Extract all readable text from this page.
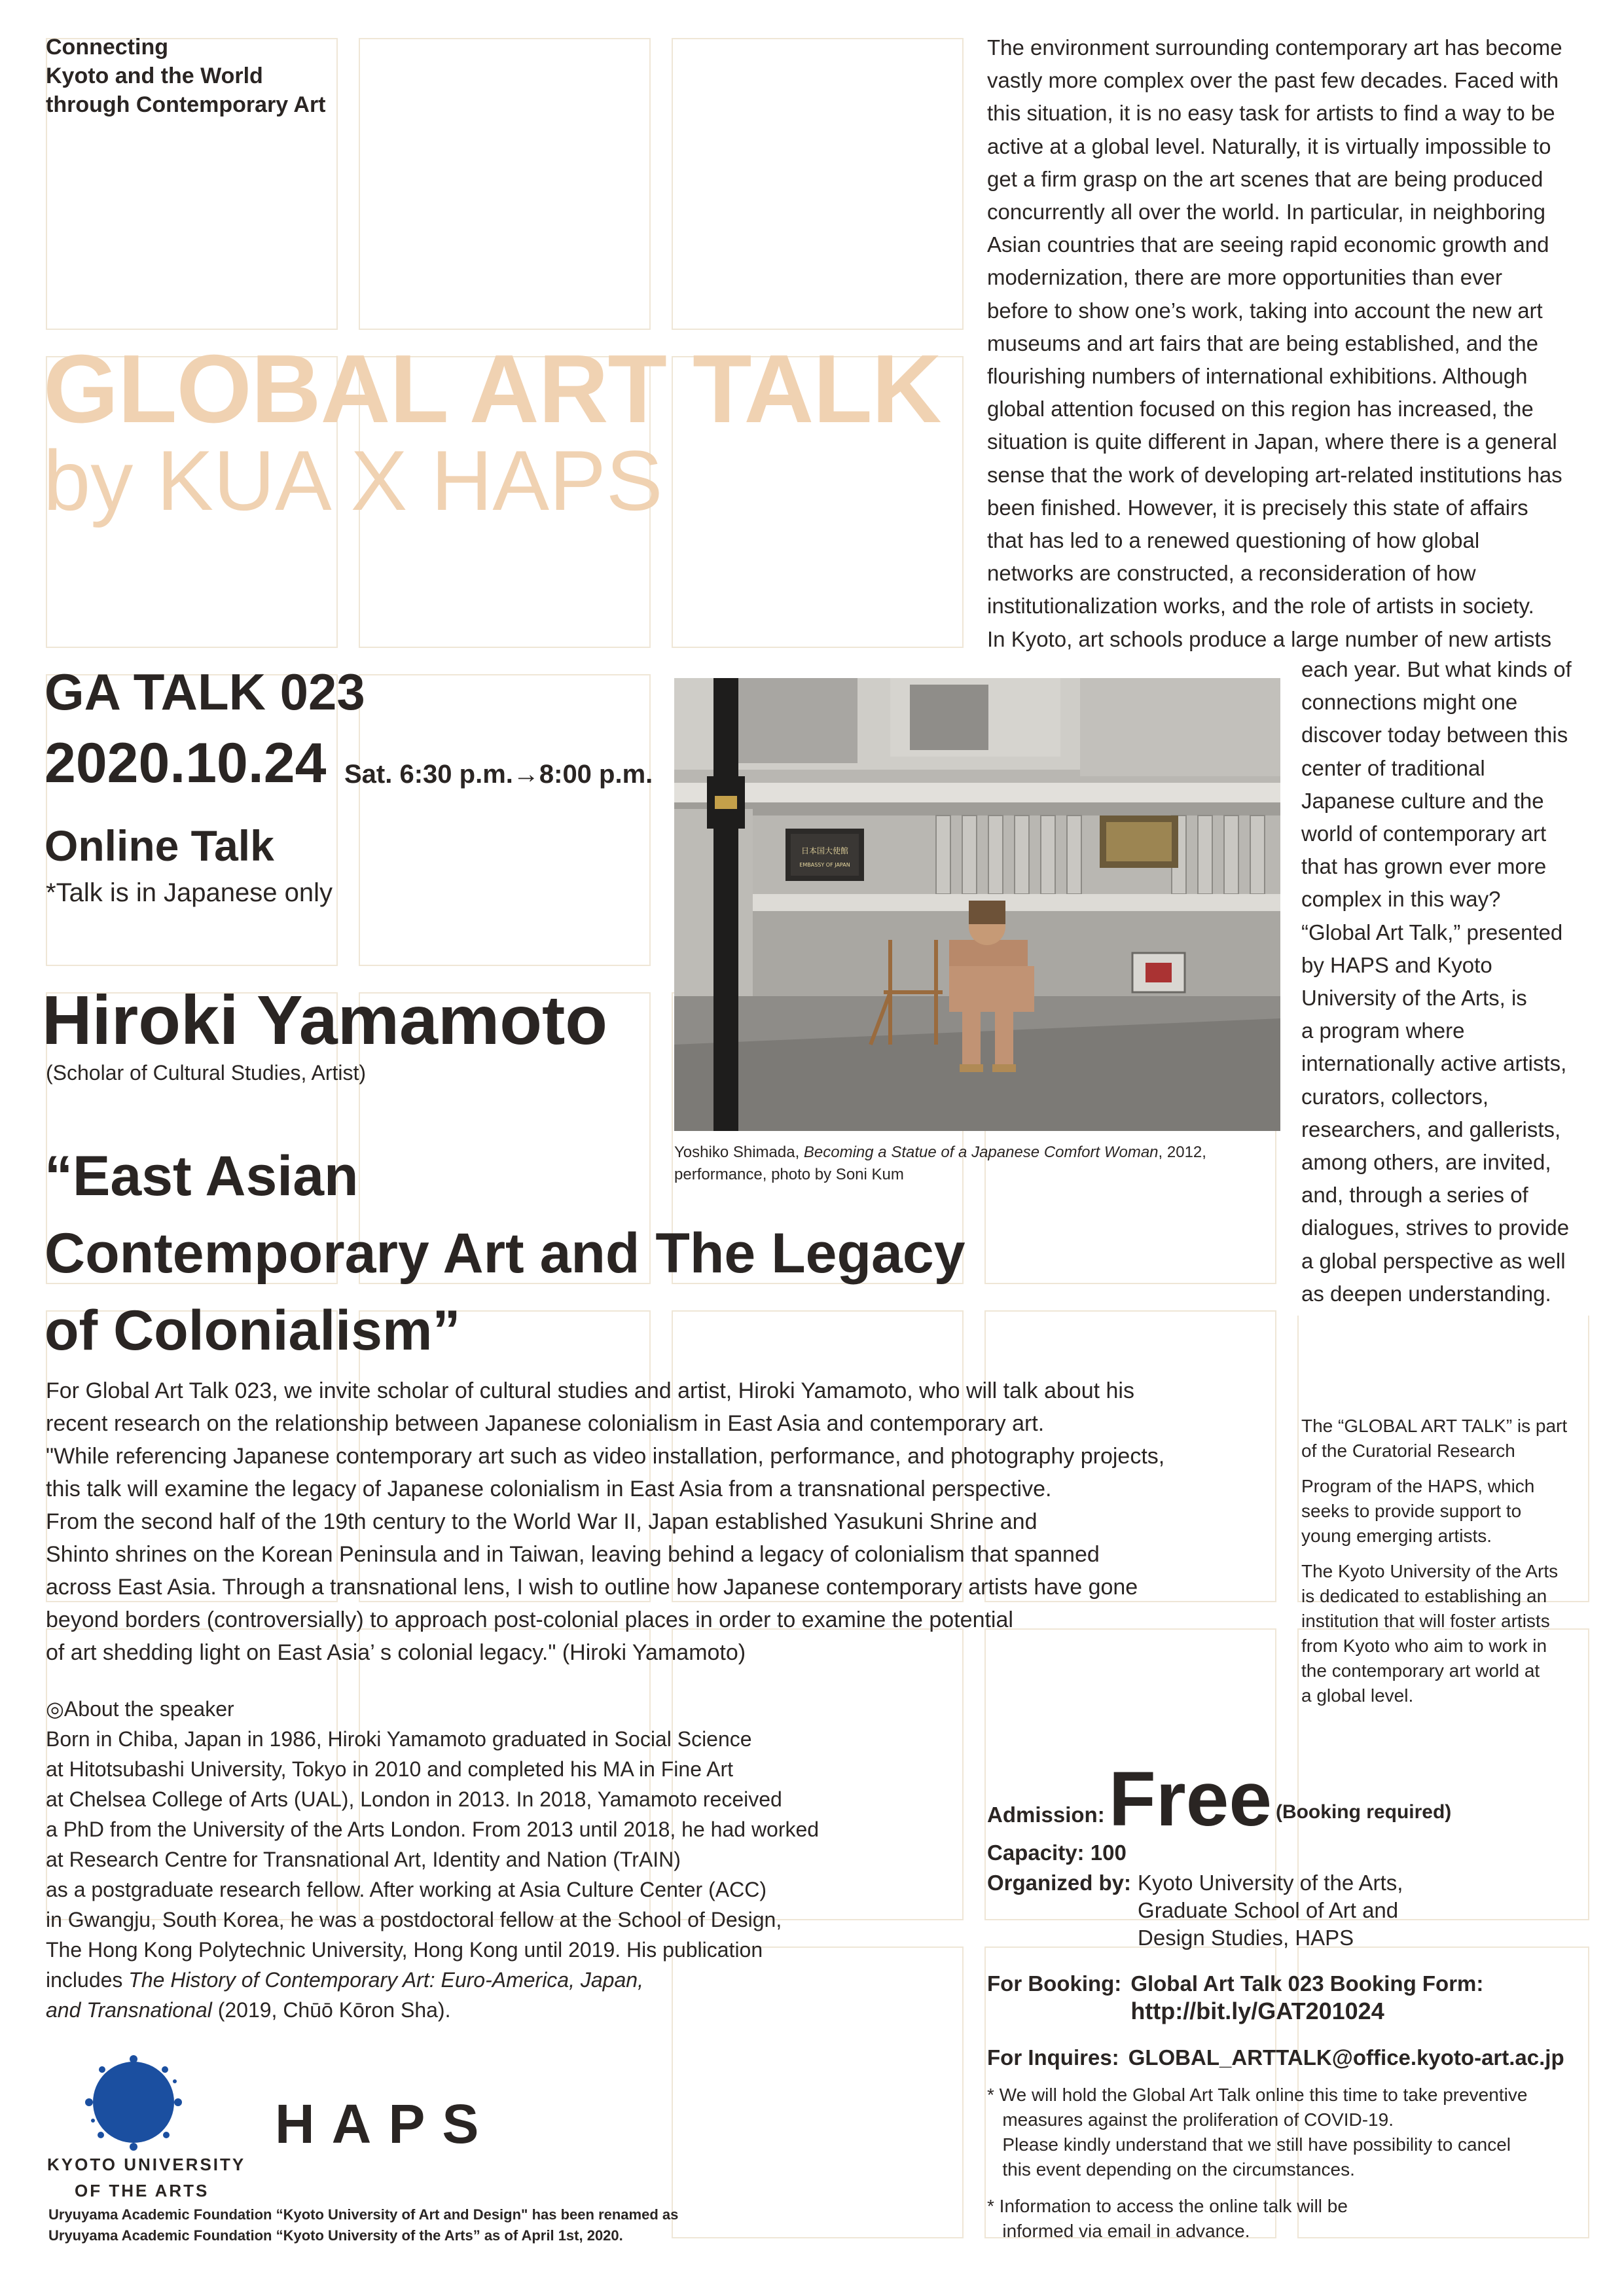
Connecting
Kyoto and the World
through Contemporary Art
GLOBAL ART TALK
by KUA X HAPS
GA TALK 023
2020.10.24 Sat. 6:30 p.m.→8:00 p.m.
Online Talk
*Talk is in Japanese only
Hiroki Yamamoto
(Scholar of Cultural Studies, Artist)
日本国大使館
EMBASSY OF JAPAN
Yoshiko Shimada, Becoming a Statue of a Japanese Comfort Woman, 2012,
performance, photo by Soni Kum
“East Asian
Contemporary Art and The Legacy
of Colonialism”
The environment surrounding contemporary art has become
vastly more complex over the past few decades. Faced with
this situation, it is no easy task for artists to find a way to be
active at a global level. Naturally, it is virtually impossible to
get a firm grasp on the art scenes that are being produced
concurrently all over the world. In particular, in neighboring
Asian countries that are seeing rapid economic growth and
modernization, there are more opportunities than ever
before to show one’s work, taking into account the new art
museums and art fairs that are being established, and the
flourishing numbers of international exhibitions. Although
global attention focused on this region has increased, the
situation is quite different in Japan, where there is a general
sense that the work of developing art-related institutions has
been finished. However, it is precisely this state of affairs
that has led to a renewed questioning of how global
networks are constructed, a reconsideration of how
institutionalization works, and the role of artists in society.
In Kyoto, art schools produce a large number of new artists
each year. But what kinds of
connections might one
discover today between this
center of traditional
Japanese culture and the
world of contemporary art
that has grown ever more
complex in this way?
“Global Art Talk,” presented
by HAPS and Kyoto
University of the Arts, is
a program where
internationally active artists,
curators, collectors,
researchers, and gallerists,
among others, are invited,
and, through a series of
dialogues, strives to provide
a global perspective as well
as deepen understanding.
For Global Art Talk 023, we invite scholar of cultural studies and artist, Hiroki Yamamoto, who will talk about his
recent research on the relationship between Japanese colonialism in East Asia and contemporary art.
"While referencing Japanese contemporary art such as video installation, performance, and photography projects,
this talk will examine the legacy of Japanese colonialism in East Asia from a transnational perspective.
From the second half of the 19th century to the World War II, Japan established Yasukuni Shrine and
Shinto shrines on the Korean Peninsula and in Taiwan, leaving behind a legacy of colonialism that spanned
across East Asia. Through a transnational lens, I wish to outline how Japanese contemporary artists have gone
beyond borders (controversially) to approach post-colonial places in order to examine the potential
of art shedding light on East Asia’ s colonial legacy." (Hiroki Yamamoto)
◎About the speaker
Born in Chiba, Japan in 1986, Hiroki Yamamoto graduated in Social Science
at Hitotsubashi University, Tokyo in 2010 and completed his MA in Fine Art
at Chelsea College of Arts (UAL), London in 2013. In 2018, Yamamoto received
a PhD from the University of the Arts London. From 2013 until 2018, he had worked
at Research Centre for Transnational Art, Identity and Nation (TrAIN)
as a postgraduate research fellow. After working at Asia Culture Center (ACC)
in Gwangju, South Korea, he was a postdoctoral fellow at the School of Design,
The Hong Kong Polytechnic University, Hong Kong until 2019. His publication
includes The History of Contemporary Art: Euro-America, Japan,
and Transnational (2019, Chūō Kōron Sha).

The “GLOBAL ART TALK” is part
of the Curatorial Research

Program of the HAPS, which
seeks to provide support to
young emerging artists.

The Kyoto University of the Arts
is dedicated to establishing an
institution that will foster artists
from Kyoto who aim to work in
the contemporary art world at
a global level.

Admission: Free (Booking required)
Capacity: 100
Organized by: Kyoto University of the Arts,
Graduate School of Art and
Design Studies, HAPS
For Booking: Global Art Talk 023 Booking Form:
http://bit.ly/GAT201024
For Inquires: GLOBAL_ARTTALK@office.kyoto-art.ac.jp

* We will hold the Global Art Talk online this time to take preventive
measures against the proliferation of COVID-19.
Please kindly understand that we still have possibility to cancel
this event depending on the circumstances.

* Information to access the online talk will be
informed via email in advance.

KYOTO UNIVERSITY
OF THE ARTS
HAPS
Uryuyama Academic Foundation “Kyoto University of Art and Design" has been renamed as
Uryuyama Academic Foundation “Kyoto University of the Arts” as of April 1st, 2020.
